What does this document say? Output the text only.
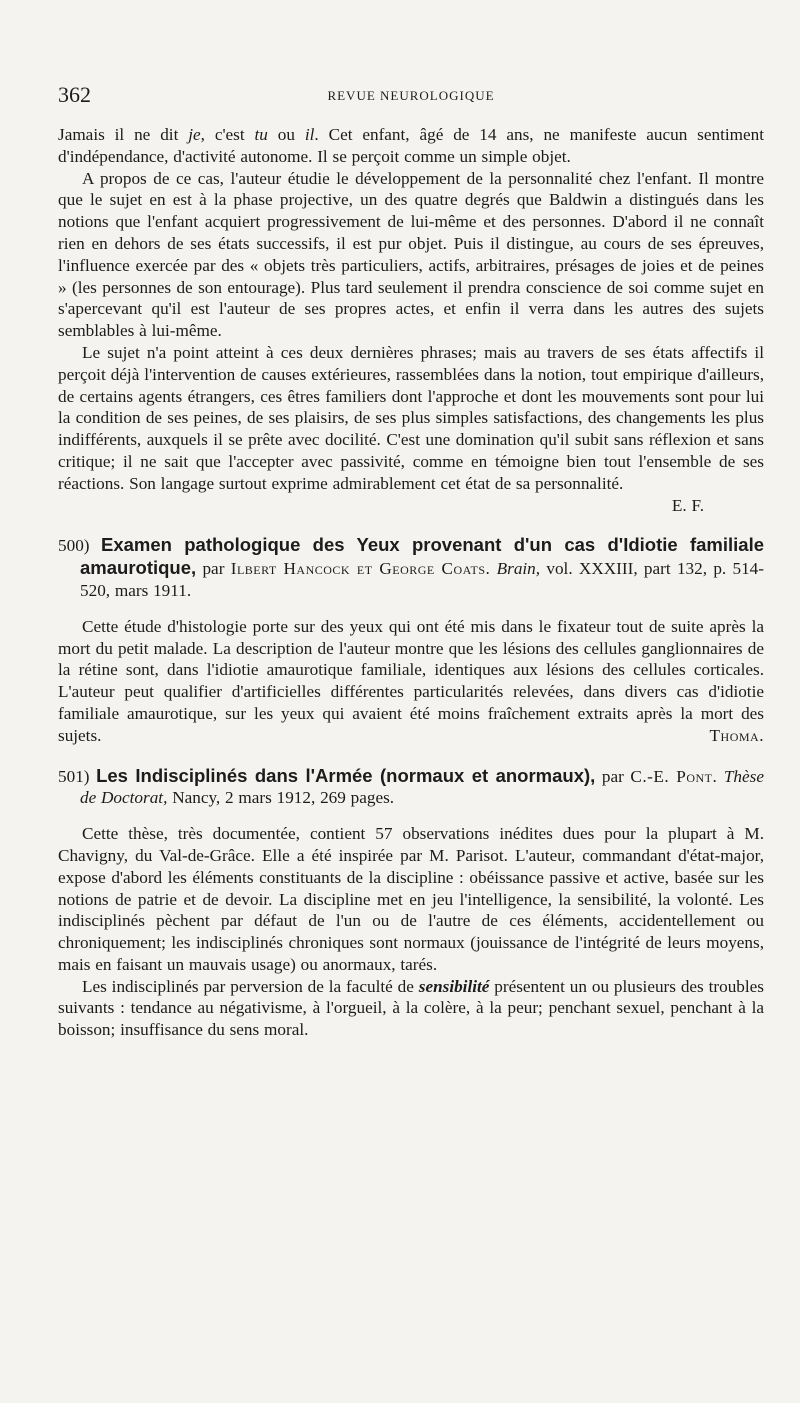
362	REVUE NEUROLOGIQUE

Jamais il ne dit je, c'est tu ou il. Cet enfant, âgé de 14 ans, ne manifeste aucun sentiment d'indépendance, d'activité autonome. Il se perçoit comme un simple objet.

A propos de ce cas, l'auteur étudie le développement de la personnalité chez l'enfant. Il montre que le sujet en est à la phase projective, un des quatre degrés que Baldwin a distingués dans les notions que l'enfant acquiert progressivement de lui-même et des personnes. D'abord il ne connaît rien en dehors de ses états successifs, il est pur objet. Puis il distingue, au cours de ses épreuves, l'influence exercée par des « objets très particuliers, actifs, arbitraires, présages de joies et de peines » (les personnes de son entourage). Plus tard seulement il prendra conscience de soi comme sujet en s'apercevant qu'il est l'auteur de ses propres actes, et enfin il verra dans les autres des sujets semblables à lui-même.

Le sujet n'a point atteint à ces deux dernières phrases; mais au travers de ses états affectifs il perçoit déjà l'intervention de causes extérieures, rassemblées dans la notion, tout empirique d'ailleurs, de certains agents étrangers, ces êtres familiers dont l'approche et dont les mouvements sont pour lui la condition de ses peines, de ses plaisirs, de ses plus simples satisfactions, des changements les plus indifférents, auxquels il se prête avec docilité. C'est une domination qu'il subit sans réflexion et sans critique; il ne sait que l'accepter avec passivité, comme en témoigne bien tout l'ensemble de ses réactions. Son langage surtout exprime admirablement cet état de sa personnalité.

E. F.

500) Examen pathologique des Yeux provenant d'un cas d'Idiotie familiale amaurotique, par Ilbert Hancock et George Coats. Brain, vol. XXXIII, part 132, p. 514-520, mars 1911.

Cette étude d'histologie porte sur des yeux qui ont été mis dans le fixateur tout de suite après la mort du petit malade. La description de l'auteur montre que les lésions des cellules ganglionnaires de la rétine sont, dans l'idiotie amaurotique familiale, identiques aux lésions des cellules corticales. L'auteur peut qualifier d'artificielles différentes particularités relevées, dans divers cas d'idiotie familiale amaurotique, sur les yeux qui avaient été moins fraîchement extraits après la mort des sujets.	Thoma.

501) Les Indisciplinés dans l'Armée (normaux et anormaux), par C.-E. Pont. Thèse de Doctorat, Nancy, 2 mars 1912, 269 pages.

Cette thèse, très documentée, contient 57 observations inédites dues pour la plupart à M. Chavigny, du Val-de-Grâce. Elle a été inspirée par M. Parisot. L'auteur, commandant d'état-major, expose d'abord les éléments constituants de la discipline : obéissance passive et active, basée sur les notions de patrie et de devoir. La discipline met en jeu l'intelligence, la sensibilité, la volonté. Les indisciplinés pèchent par défaut de l'un ou de l'autre de ces éléments, accidentellement ou chroniquement; les indisciplinés chroniques sont normaux (jouissance de l'intégrité de leurs moyens, mais en faisant un mauvais usage) ou anormaux, tarés.

Les indisciplinés par perversion de la faculté de sensibilité présentent un ou plusieurs des troubles suivants : tendance au négativisme, à l'orgueil, à la colère, à la peur; penchant sexuel, penchant à la boisson; insuffisance du sens moral.
